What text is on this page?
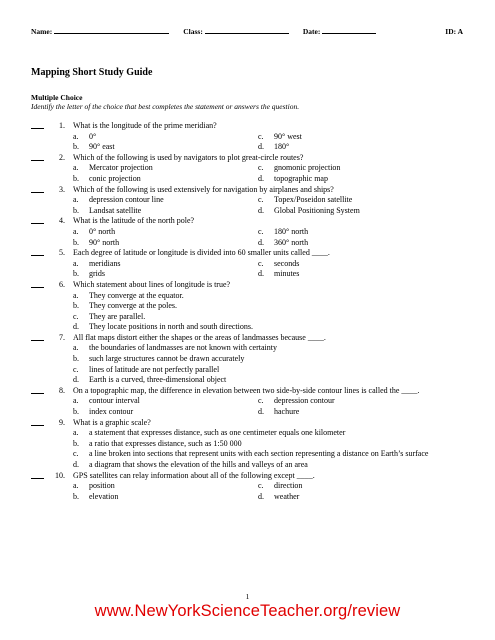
Name:	Class:	Date:	ID: A
Mapping Short Study Guide
Multiple Choice
Identify the letter of the choice that best completes the statement or answers the question.
1. What is the longitude of the prime meridian?
a. 0°	c. 90° west
b. 90° east	d. 180°
2. Which of the following is used by navigators to plot great-circle routes?
a. Mercator projection	c. gnomonic projection
b. conic projection	d. topographic map
3. Which of the following is used extensively for navigation by airplanes and ships?
a. depression contour line	c. Topex/Poseidon satellite
b. Landsat satellite	d. Global Positioning System
4. What is the latitude of the north pole?
a. 0° north	c. 180° north
b. 90° north	d. 360° north
5. Each degree of latitude or longitude is divided into 60 smaller units called ____.
a. meridians	c. seconds
b. grids	d. minutes
6. Which statement about lines of longitude is true?
a. They converge at the equator.
b. They converge at the poles.
c. They are parallel.
d. They locate positions in north and south directions.
7. All flat maps distort either the shapes or the areas of landmasses because ____.
a. the boundaries of landmasses are not known with certainty
b. such large structures cannot be drawn accurately
c. lines of latitude are not perfectly parallel
d. Earth is a curved, three-dimensional object
8. On a topographic map, the difference in elevation between two side-by-side contour lines is called the ____.
a. contour interval	c. depression contour
b. index contour	d. hachure
9. What is a graphic scale?
a. a statement that expresses distance, such as one centimeter equals one kilometer
b. a ratio that expresses distance, such as 1:50 000
c. a line broken into sections that represent units with each section representing a distance on Earth’s surface
d. a diagram that shows the elevation of the hills and valleys of an area
10. GPS satellites can relay information about all of the following except ____.
a. position	c. direction
b. elevation	d. weather
1
www.NewYorkScienceTeacher.org/review
